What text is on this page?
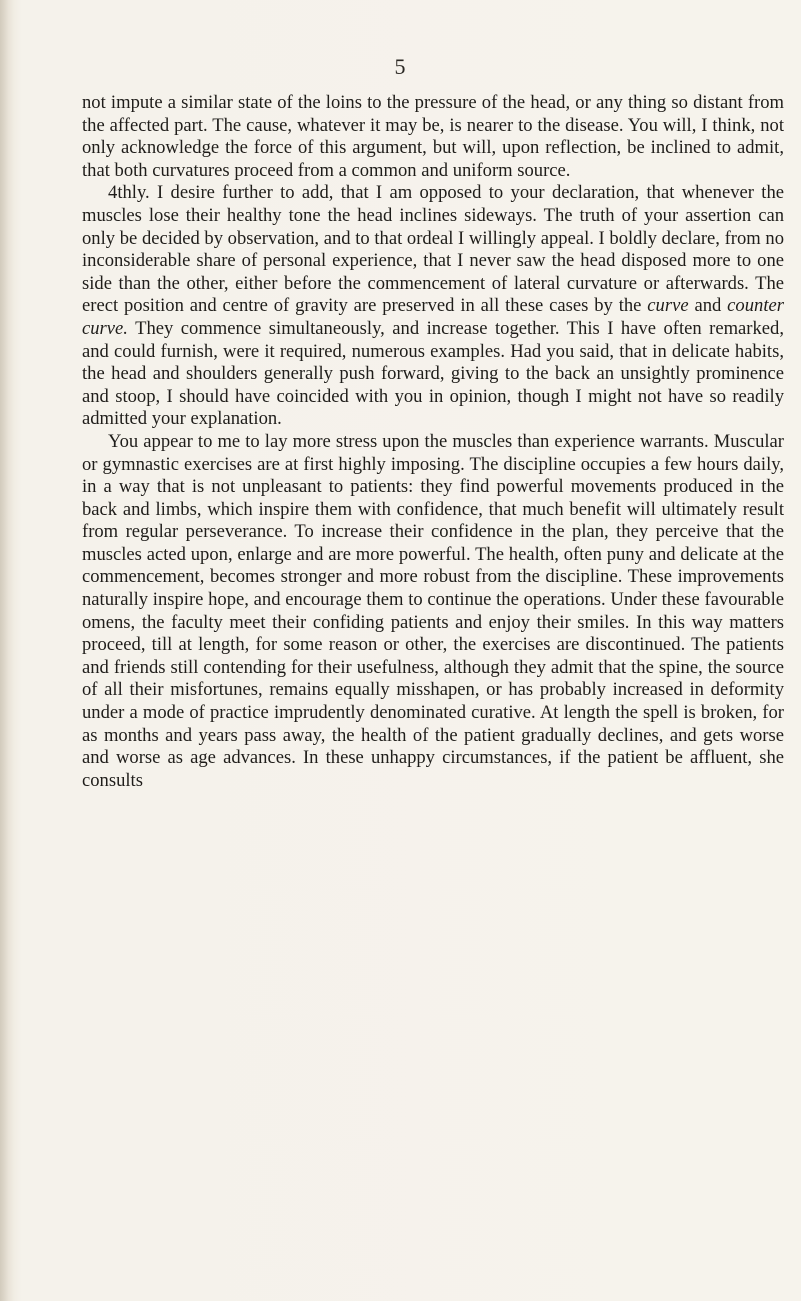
5

not impute a similar state of the loins to the pressure of the head, or any thing so distant from the affected part. The cause, whatever it may be, is nearer to the disease. You will, I think, not only acknowledge the force of this argument, but will, upon reflection, be inclined to admit, that both curvatures proceed from a common and uniform source.

4thly. I desire further to add, that I am opposed to your declaration, that whenever the muscles lose their healthy tone the head inclines sideways. The truth of your assertion can only be decided by observation, and to that ordeal I willingly appeal. I boldly declare, from no inconsiderable share of personal experience, that I never saw the head disposed more to one side than the other, either before the commencement of lateral curvature or afterwards. The erect position and centre of gravity are preserved in all these cases by the curve and counter curve. They commence simultaneously, and increase together. This I have often remarked, and could furnish, were it required, numerous examples. Had you said, that in delicate habits, the head and shoulders generally push forward, giving to the back an unsightly prominence and stoop, I should have coincided with you in opinion, though I might not have so readily admitted your explanation.

You appear to me to lay more stress upon the muscles than experience warrants. Muscular or gymnastic exercises are at first highly imposing. The discipline occupies a few hours daily, in a way that is not unpleasant to patients: they find powerful movements produced in the back and limbs, which inspire them with confidence, that much benefit will ultimately result from regular perseverance. To increase their confidence in the plan, they perceive that the muscles acted upon, enlarge and are more powerful. The health, often puny and delicate at the commencement, becomes stronger and more robust from the discipline. These improvements naturally inspire hope, and encourage them to continue the operations. Under these favourable omens, the faculty meet their confiding patients and enjoy their smiles. In this way matters proceed, till at length, for some reason or other, the exercises are discontinued. The patients and friends still contending for their usefulness, although they admit that the spine, the source of all their misfortunes, remains equally misshapen, or has probably increased in deformity under a mode of practice imprudently denominated curative. At length the spell is broken, for as months and years pass away, the health of the patient gradually declines, and gets worse and worse as age advances. In these unhappy circumstances, if the patient be affluent, she consults
